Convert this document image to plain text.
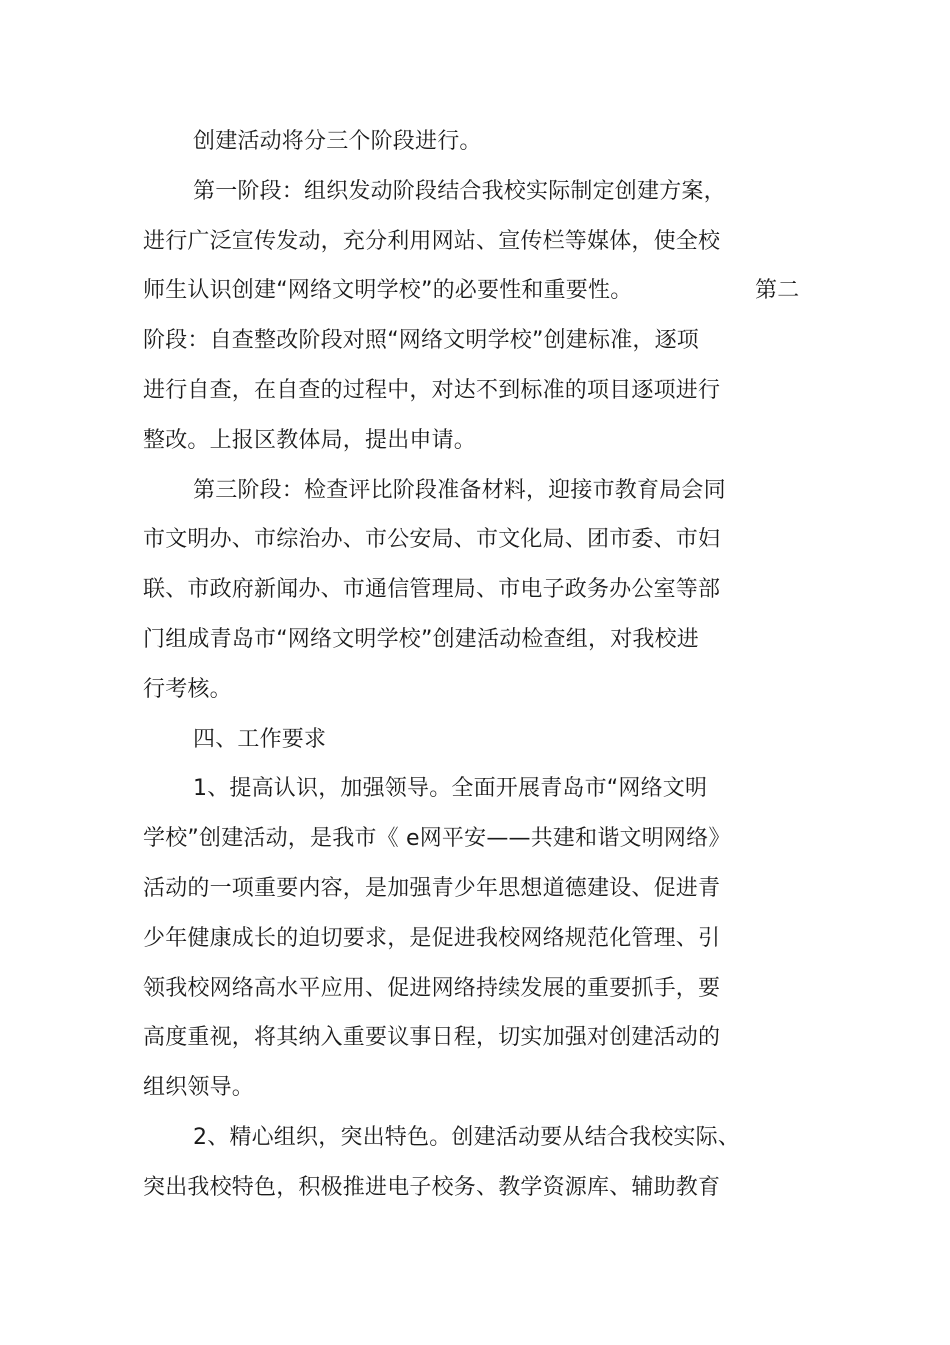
创建活动将分三个阶段进行。
第一阶段：组织发动阶段结合我校实际制定创建方案，
进行广泛宣传发动，充分利用网站、宣传栏等媒体，使全校
师生认识创建“网络文明学校”的必要性和重要性。	第二
阶段：自查整改阶段对照“网络文明学校”创建标准，逐项
进行自查，在自查的过程中，对达不到标准的项目逐项进行
整改。上报区教体局，提出申请。
第三阶段：检查评比阶段准备材料，迎接市教育局会同
市文明办、市综治办、市公安局、市文化局、团市委、市妇
联、市政府新闻办、市通信管理局、市电子政务办公室等部
门组成青岛市“网络文明学校”创建活动检查组，对我校进
行考核。
四、工作要求
1、提高认识，加强领导。全面开展青岛市“网络文明
学校”创建活动，是我市《 e网平安——共建和谐文明网络》
活动的一项重要内容，是加强青少年思想道德建设、促进青
少年健康成长的迫切要求，是促进我校网络规范化管理、引
领我校网络高水平应用、促进网络持续发展的重要抓手，要
高度重视，将其纳入重要议事日程，切实加强对创建活动的
组织领导。
2、精心组织，突出特色。创建活动要从结合我校实际、
突出我校特色，积极推进电子校务、教学资源库、辅助教育
